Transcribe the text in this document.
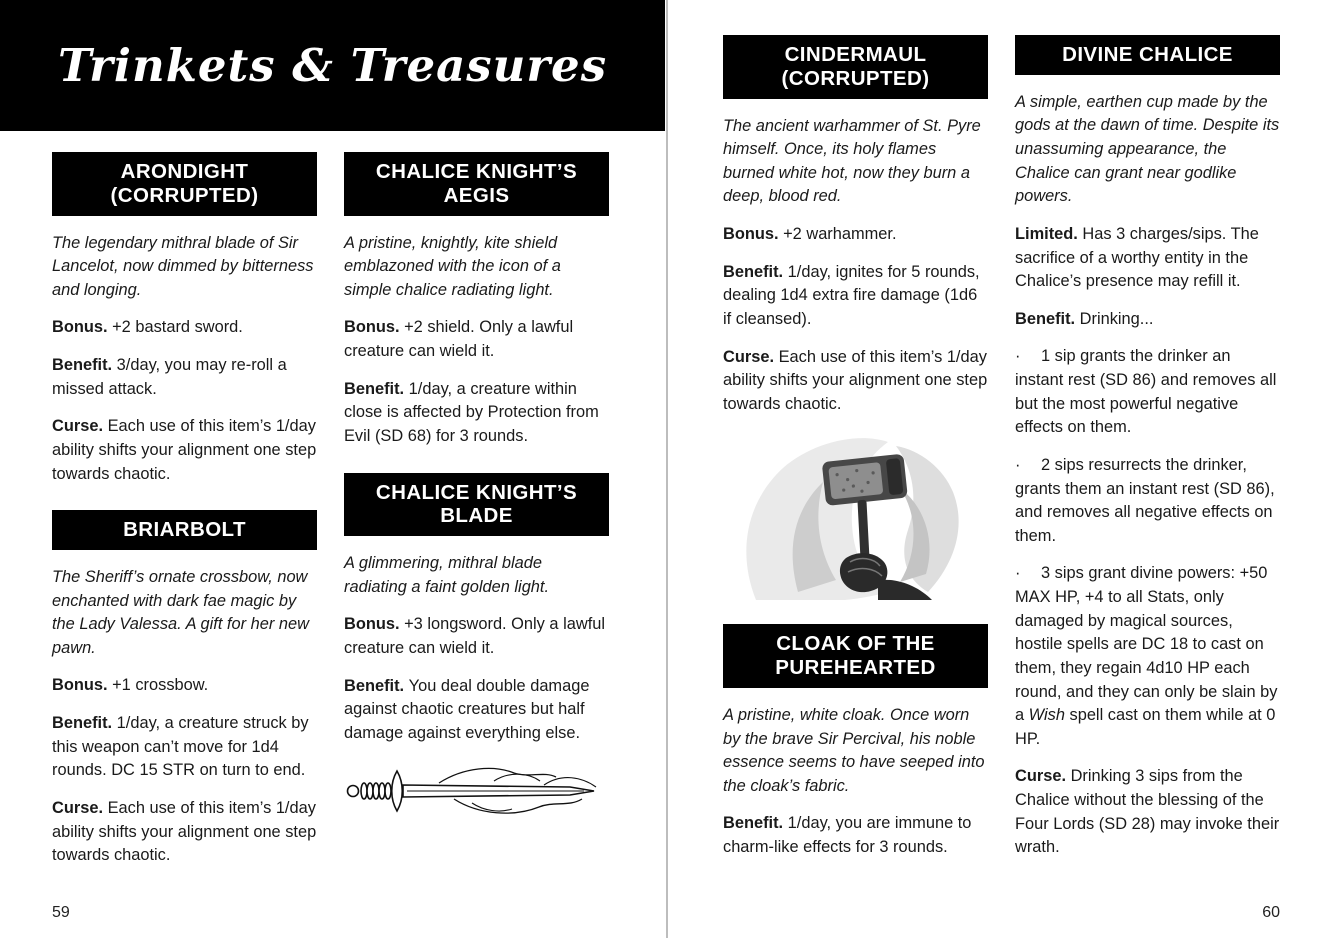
Trinkets & Treasures
ARONDIGHT (CORRUPTED)

The legendary mithral blade of Sir Lancelot, now dimmed by bitterness and longing.

Bonus. +2 bastard sword.

Benefit. 3/day, you may re-roll a missed attack.

Curse. Each use of this item’s 1/day ability shifts your alignment one step towards chaotic.

BRIARBOLT

The Sheriff’s ornate crossbow, now enchanted with dark fae magic by the Lady Valessa. A gift for her new pawn.

Bonus. +1 crossbow.

Benefit. 1/day, a creature struck by this weapon can’t move for 1d4 rounds. DC 15 STR on turn to end.

Curse. Each use of this item’s 1/day ability shifts your alignment one step towards chaotic.

CHALICE KNIGHT’S AEGIS

A pristine, knightly, kite shield emblazoned with the icon of a simple chalice radiating light.

Bonus. +2 shield. Only a lawful creature can wield it.

Benefit. 1/day, a creature within close is affected by Protection from Evil (SD 68) for 3 rounds.

CHALICE KNIGHT’S BLADE

A glimmering, mithral blade radiating a faint golden light.

Bonus. +3 longsword. Only a lawful creature can wield it.

Benefit. You deal double damage against chaotic creatures but half damage against everything else.

59
CINDERMAUL (CORRUPTED)

The ancient warhammer of St. Pyre himself. Once, its holy flames burned white hot, now they burn a deep, blood red.

Bonus. +2 warhammer.

Benefit. 1/day, ignites for 5 rounds, dealing 1d4 extra fire damage (1d6 if cleansed).

Curse. Each use of this item’s 1/day ability shifts your alignment one step towards chaotic.

CLOAK OF THE PUREHEARTED

A pristine, white cloak. Once worn by the brave Sir Percival, his noble essence seems to have seeped into the cloak’s fabric.

Benefit. 1/day, you are immune to charm-like effects for 3 rounds.

DIVINE CHALICE

A simple, earthen cup made by the gods at the dawn of time. Despite its unassuming appearance, the Chalice can grant near godlike powers.

Limited. Has 3 charges/sips. The sacrifice of a worthy entity in the Chalice’s presence may refill it.

Benefit. Drinking...

· 1 sip grants the drinker an instant rest (SD 86) and removes all but the most powerful negative effects on them.

· 2 sips resurrects the drinker, grants them an instant rest (SD 86), and removes all negative effects on them.

· 3 sips grant divine powers: +50 MAX HP, +4 to all Stats, only damaged by magical sources, hostile spells are DC 18 to cast on them, they regain 4d10 HP each round, and they can only be slain by a Wish spell cast on them while at 0 HP.

Curse. Drinking 3 sips from the Chalice without the blessing of the Four Lords (SD 28) may invoke their wrath.

60
